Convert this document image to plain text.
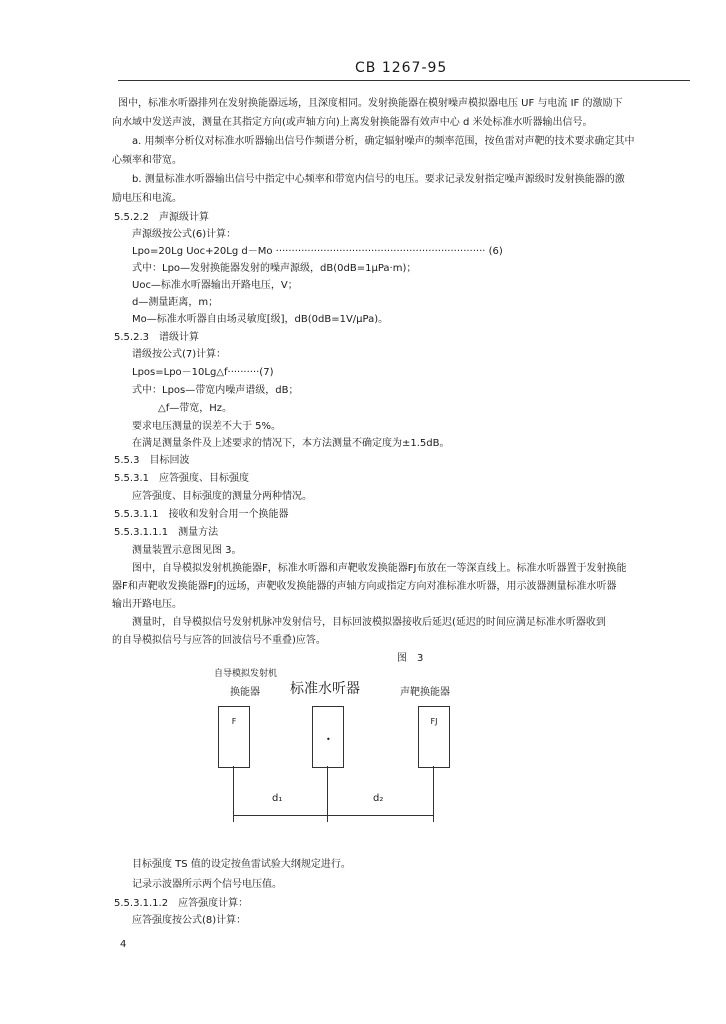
CB 1267-95
图中，标准水听器排列在发射换能器远场，且深度相同。发射换能器在模射噪声模拟器电压 UF 与电流 IF 的激励下
向水域中发送声波，测量在其指定方向(或声轴方向)上离发射换能器有效声中心 d 米处标准水听器输出信号。
a. 用频率分析仪对标准水听器输出信号作频谱分析，确定辐射噪声的频率范围，按鱼雷对声靶的技术要求确定其中
心频率和带宽。
b. 测量标准水听器输出信号中指定中心频率和带宽内信号的电压。要求记录发射指定噪声源级时发射换能器的激
励电压和电流。
5.5.2.2　声源级计算
声源级按公式(6)计算：
Lpo=20Lg Uoc+20Lg d－Mo ·································································· (6)
式中：Lpo—发射换能器发射的噪声源级，dB(0dB=1μPa·m)；
Uoc—标准水听器输出开路电压，V；
d—测量距离，m；
Mo—标准水听器自由场灵敏度[级]，dB(0dB=1V/μPa)。
5.5.2.3　谱级计算
谱级按公式(7)计算：
Lpos=Lpo－10Lg△f··········(7)
式中：Lpos—带宽内噪声谱级，dB；
△f—带宽，Hz。
要求电压测量的误差不大于 5%。
在满足测量条件及上述要求的情况下，本方法测量不确定度为±1.5dB。
5.5.3　目标回波
5.5.3.1　应答强度、目标强度
应答强度、目标强度的测量分两种情况。
5.5.3.1.1　接收和发射合用一个换能器
5.5.3.1.1.1　测量方法
测量装置示意图见图 3。
图中，自导模拟发射机换能器F，标准水听器和声靶收发换能器FJ布放在一等深直线上。标准水听器置于发射换能
器F和声靶收发换能器FJ的远场，声靶收发换能器的声轴方向或指定方向对准标准水听器，用示波器测量标准水听器
输出开路电压。
测量时，自导模拟信号发射机脉冲发射信号，目标回波模拟器接收后延迟(延迟的时间应满足标准水听器收到
的自导模拟信号与应答的回波信号不重叠)应答。
图　3
自导模拟发射机
换能器 标准水听器	声靶换能器
F
•
FJ
d₁	d₂
目标强度 TS 值的设定按鱼雷试验大纲规定进行。
记录示波器所示两个信号电压值。
5.5.3.1.1.2　应答强度计算：
应答强度按公式(8)计算：
4
